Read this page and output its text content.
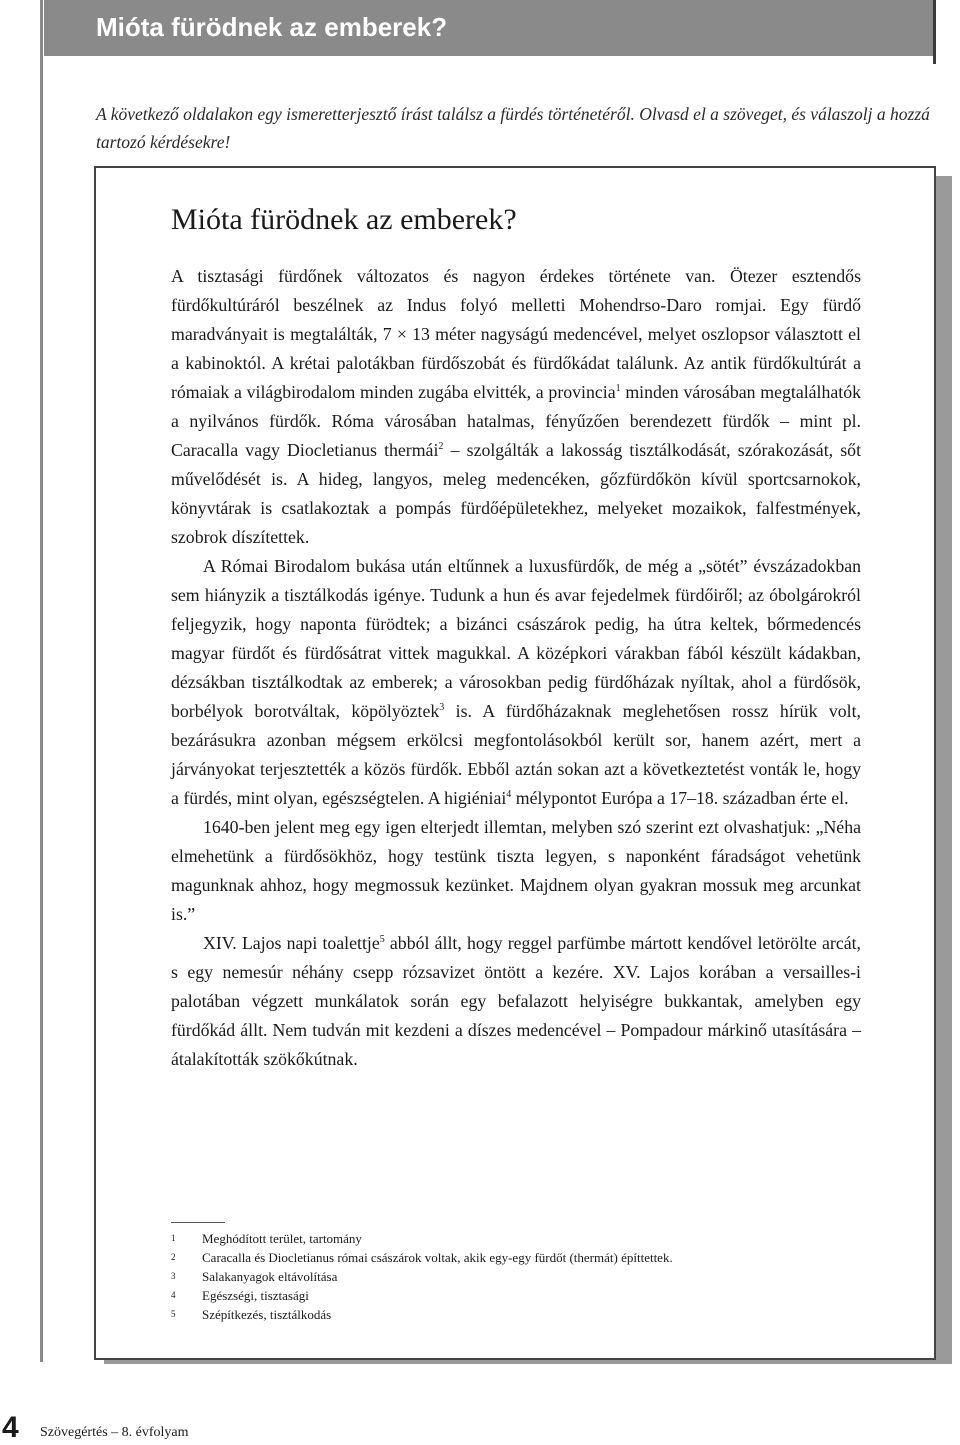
Mióta fürödnek az emberek?

A következő oldalakon egy ismeretterjesztő írást találsz a fürdés történetéről. Olvasd el a szöveget, és válaszolj a hozzá tartozó kérdésekre!

Mióta fürödnek az emberek?

A tisztasági fürdőnek változatos és nagyon érdekes története van. Ötezer esztendős fürdőkultúráról beszélnek az Indus folyó melletti Mohendrso-Daro romjai. Egy fürdő maradványait is megtalálták, 7 × 13 méter nagyságú medencével, melyet oszlopsor választott el a kabinoktól. A krétai palotákban fürdőszobát és fürdőkádat találunk. Az antik fürdőkultúrát a rómaiak a világbirodalom minden zugába elvitték, a provincia$^1$ minden városában megtalálhatók a nyilvános fürdők. Róma városában hatalmas, fényűzően berendezett fürdők – mint pl. Caracalla vagy Diocletianus thermái$^2$ – szolgálták a lakosság tisztálkodását, szórakozását, sőt művelődését is. A hideg, langyos, meleg medencéken, gőzfürdőkön kívül sportcsarnokok, könyvtárak is csatlakoztak a pompás fürdőépületekhez, melyeket mozaikok, falfestmények, szobrok díszítettek.

A Római Birodalom bukása után eltűnnek a luxusfürdők, de még a „sötét” évszázadokban sem hiányzik a tisztálkodás igénye. Tudunk a hun és avar fejedelmek fürdőiről; az óbolgárokról feljegyzik, hogy naponta fürödtek; a bizánci császárok pedig, ha útra keltek, bőrmedencés magyar fürdőt és fürdősátrat vittek magukkal. A középkori várakban fából készült kádakban, dézsákban tisztálkodtak az emberek; a városokban pedig fürdőházak nyíltak, ahol a fürdősök, borbélyok borotváltak, köpölyöztek$^3$ is. A fürdőházaknak meglehetősen rossz hírük volt, bezárásukra azonban mégsem erkölcsi megfontolásokból került sor, hanem azért, mert a járványokat terjesztették a közös fürdők. Ebből aztán sokan azt a következtetést vonták le, hogy a fürdés, mint olyan, egészségtelen. A higiéniai$^4$ mélypontot Európa a 17–18. században érte el.

1640-ben jelent meg egy igen elterjedt illemtan, melyben szó szerint ezt olvashatjuk: „Néha elmehetünk a fürdősökhöz, hogy testünk tiszta legyen, s naponként fáradságot vehetünk magunknak ahhoz, hogy megmossuk kezünket. Majdnem olyan gyakran mossuk meg arcunkat is.”

XIV. Lajos napi toalettje$^5$ abból állt, hogy reggel parfümbe mártott kendővel letörölte arcát, s egy nemesúr néhány csepp rózsavizet öntött a kezére. XV. Lajos korában a versailles-i palotában végzett munkálatok során egy befalazott helyiségre bukkantak, amelyben egy fürdőkád állt. Nem tudván mit kezdeni a díszes medencével – Pompadour márkinő utasítására – átalakították szökőkútnak.

1	Meghódított terület, tartomány
2	Caracalla és Diocletianus római császárok voltak, akik egy-egy fürdőt (thermát) építtettek.
3	Salakanyagok eltávolítása
4	Egészségi, tisztasági
5	Szépítkezés, tisztálkodás

4 Szövegértés – 8. évfolyam
